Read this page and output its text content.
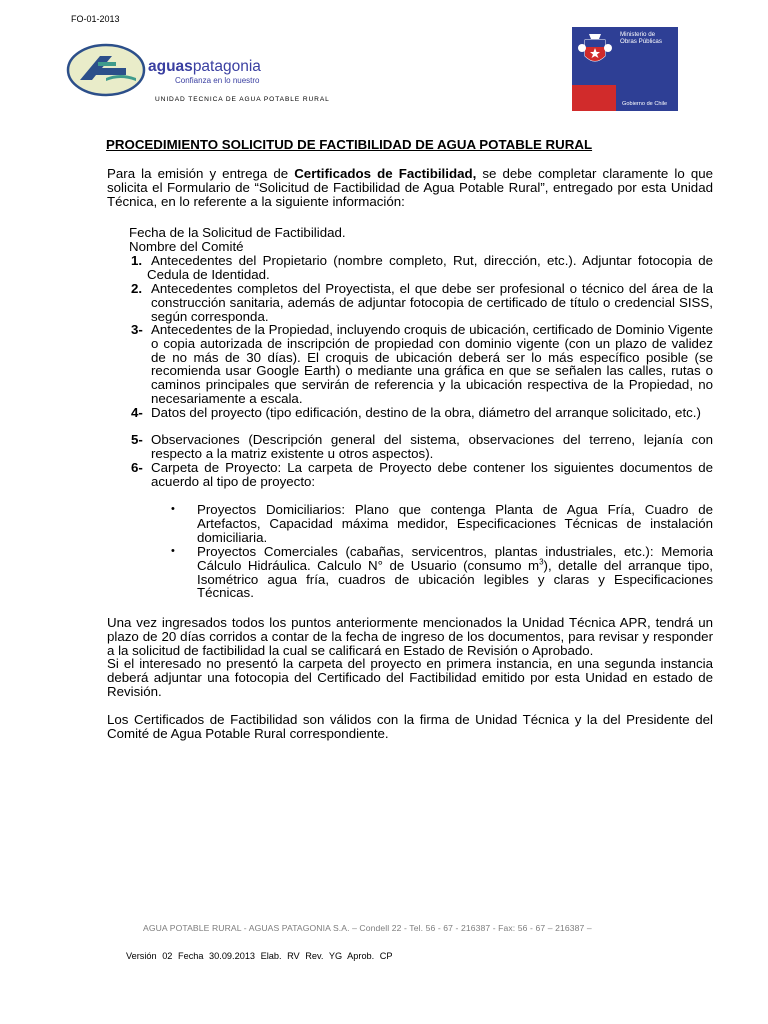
FO-01-2013
aguaspatagonia
Confianza en lo nuestro
UNIDAD TECNICA DE AGUA POTABLE RURAL
Ministerio de
Obras Públicas
Gobierno de Chile
PROCEDIMIENTO SOLICITUD DE FACTIBILIDAD DE AGUA POTABLE RURAL
Para la emisión y entrega de Certificados de Factibilidad, se debe completar claramente lo que solicita el Formulario de “Solicitud de Factibilidad de Agua Potable Rural”, entregado por esta Unidad Técnica, en lo referente a la siguiente información:
Fecha de la Solicitud de Factibilidad.
Nombre del Comité
1. Antecedentes del Propietario (nombre completo, Rut, dirección, etc.). Adjuntar fotocopia de
Cedula de Identidad.
2. Antecedentes completos del Proyectista, el que debe ser profesional o técnico del área de la construcción sanitaria, además de adjuntar fotocopia de certificado de título o credencial SISS, según corresponda.
3- Antecedentes de la Propiedad, incluyendo croquis de ubicación, certificado de Dominio Vigente o copia autorizada de inscripción de propiedad con dominio vigente (con un plazo de validez de no más de 30 días). El croquis de ubicación deberá ser lo más específico posible (se recomienda usar Google Earth) o mediante una gráfica en que se señalen las calles, rutas o caminos principales que servirán de referencia y la ubicación respectiva de la Propiedad, no necesariamente a escala.
4- Datos del proyecto (tipo edificación, destino de la obra, diámetro del arranque solicitado, etc.)
5- Observaciones (Descripción general del sistema, observaciones del terreno, lejanía con respecto a la matriz existente u otros aspectos).
6- Carpeta de Proyecto: La carpeta de Proyecto debe contener los siguientes documentos de acuerdo al tipo de proyecto:
• Proyectos Domiciliarios: Plano que contenga Planta de Agua Fría, Cuadro de Artefactos, Capacidad máxima medidor, Especificaciones Técnicas de instalación domiciliaria.
• Proyectos Comerciales (cabañas, servicentros, plantas industriales, etc.): Memoria Cálculo Hidráulica. Calculo N° de Usuario (consumo $m^3$), detalle del arranque tipo, Isométrico agua fría, cuadros de ubicación legibles y claras y Especificaciones Técnicas.
Una vez ingresados todos los puntos anteriormente mencionados la Unidad Técnica APR, tendrá un plazo de 20 días corridos a contar de la fecha de ingreso de los documentos, para revisar y responder a la solicitud de factibilidad la cual se calificará en Estado de Revisión o Aprobado.
Si el interesado no presentó la carpeta del proyecto en primera instancia, en una segunda instancia deberá adjuntar una fotocopia del Certificado del Factibilidad emitido por esta Unidad en estado de Revisión.
Los Certificados de Factibilidad son válidos con la firma de Unidad Técnica y la del Presidente del Comité de Agua Potable Rural correspondiente.
AGUA POTABLE RURAL - AGUAS PATAGONIA S.A. – Condell 22 - Tel. 56 - 67 - 216387 - Fax: 56 - 67 – 216387 –
Versión 02 Fecha 30.09.2013 Elab. RV Rev. YG Aprob. CP
